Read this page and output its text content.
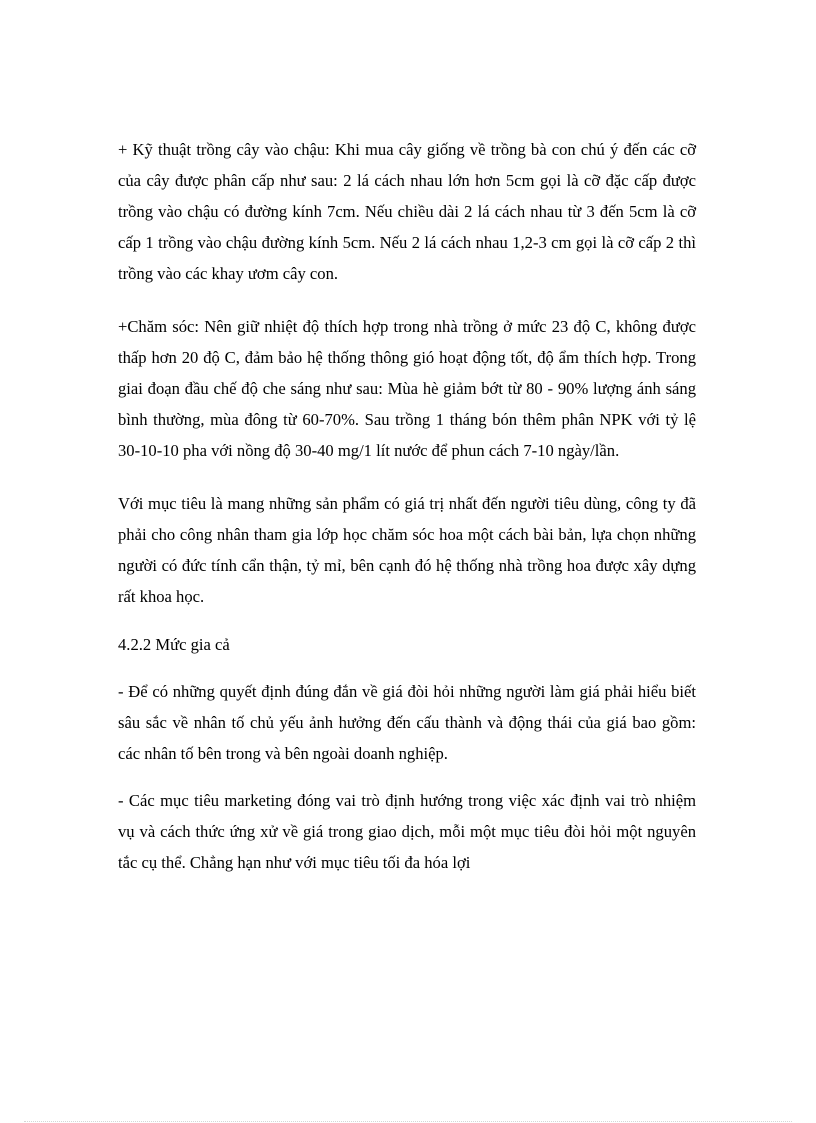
+ Kỹ thuật trồng cây vào chậu: Khi mua cây giống về trồng bà con chú ý đến các cỡ của cây được phân cấp như sau: 2 lá cách nhau lớn hơn 5cm gọi là cỡ đặc cấp được trồng vào chậu có đường kính 7cm. Nếu chiều dài 2 lá cách nhau từ 3 đến 5cm là cỡ cấp 1 trồng vào chậu đường kính 5cm. Nếu 2 lá cách nhau 1,2-3 cm gọi là cỡ cấp 2 thì trồng vào các khay ươm cây con.

+Chăm sóc: Nên giữ nhiệt độ thích hợp trong nhà trồng ở mức 23 độ C, không được thấp hơn 20 độ C, đảm bảo hệ thống thông gió hoạt động tốt, độ ẩm thích hợp. Trong giai đoạn đầu chế độ che sáng như sau: Mùa hè giảm bớt từ 80 - 90% lượng ánh sáng bình thường, mùa đông từ 60-70%. Sau trồng 1 tháng bón thêm phân NPK với tỷ lệ 30-10-10 pha với nồng độ 30-40 mg/1 lít nước để phun cách 7-10 ngày/lần.

Với mục tiêu là mang những sản phẩm có giá trị nhất đến người tiêu dùng, công ty đã phải cho công nhân tham gia lớp học chăm sóc hoa một cách bài bản, lựa chọn những người có đức tính cẩn thận, tỷ mỉ, bên cạnh đó hệ thống nhà trồng hoa được xây dựng rất khoa học.

4.2.2 Mức gia cả

- Để có những quyết định đúng đắn về giá đòi hỏi những người làm giá phải hiểu biết sâu sắc về nhân tố chủ yếu ảnh hưởng đến cấu thành và động thái của giá bao gồm: các nhân tố bên trong và bên ngoài doanh nghiệp.

- Các mục tiêu marketing đóng vai trò định hướng trong việc xác định vai trò nhiệm vụ và cách thức ứng xử về giá trong giao dịch, mỗi một mục tiêu đòi hỏi một nguyên tắc cụ thể. Chẳng hạn như với mục tiêu tối đa hóa lợi
